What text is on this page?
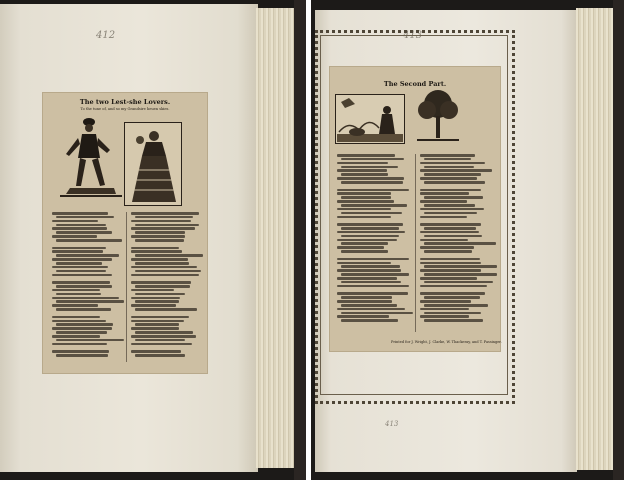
412
The two Lest-she Lovers.
To the tune of, and so my Grandsire heuen skies.
413
The Second Part.
Printed for J. Wright, J. Clarke, W. Thackeray, and T. Passinger.
413
